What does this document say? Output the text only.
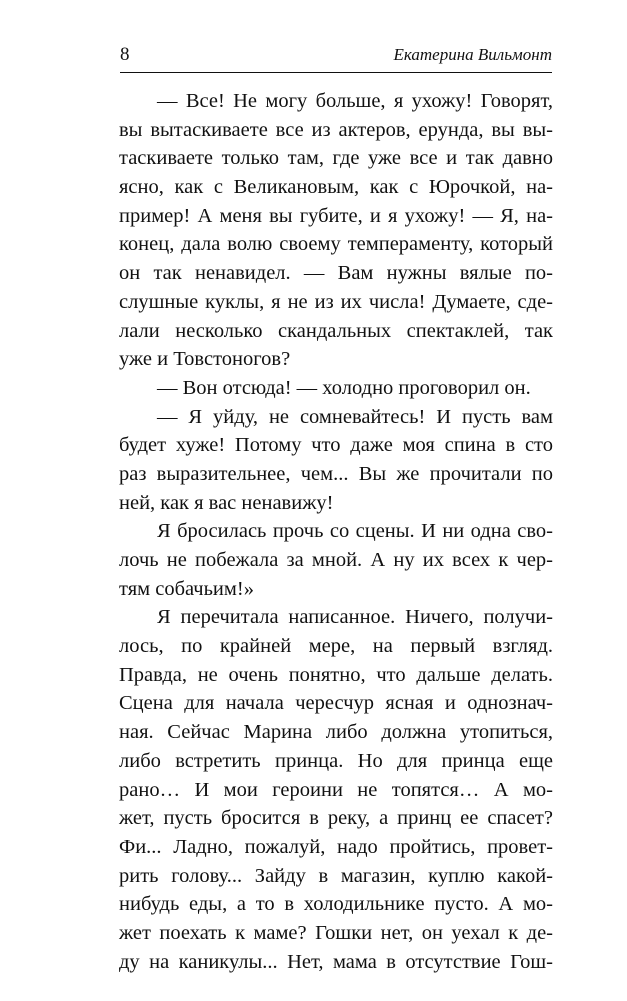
8	Екатерина Вильмонт
— Все! Не могу больше, я ухожу! Говорят,
вы вытаскиваете все из актеров, ерунда, вы вы-
таскиваете только там, где уже все и так давно
ясно, как с Великановым, как с Юрочкой, на-
пример! А меня вы губите, и я ухожу! — Я, на-
конец, дала волю своему темпераменту, который
он так ненавидел. — Вам нужны вялые по-
слушные куклы, я не из их числа! Думаете, сде-
лали несколько скандальных спектаклей, так
уже и Товстоногов?
— Вон отсюда! — холодно проговорил он.
— Я уйду, не сомневайтесь! И пусть вам
будет хуже! Потому что даже моя спина в сто
раз выразительнее, чем... Вы же прочитали по
ней, как я вас ненавижу!
Я бросилась прочь со сцены. И ни одна сво-
лочь не побежала за мной. А ну их всех к чер-
тям собачьим!»
Я перечитала написанное. Ничего, получи-
лось, по крайней мере, на первый взгляд.
Правда, не очень понятно, что дальше делать.
Сцена для начала чересчур ясная и однознач-
ная. Сейчас Марина либо должна утопиться,
либо встретить принца. Но для принца еще
рано… И мои героини не топятся… А мо-
жет, пусть бросится в реку, а принц ее спасет?
Фи... Ладно, пожалуй, надо пройтись, провет-
рить голову... Зайду в магазин, куплю какой-
нибудь еды, а то в холодильнике пусто. А мо-
жет поехать к маме? Гошки нет, он уехал к де-
ду на каникулы... Нет, мама в отсутствие Гош-
